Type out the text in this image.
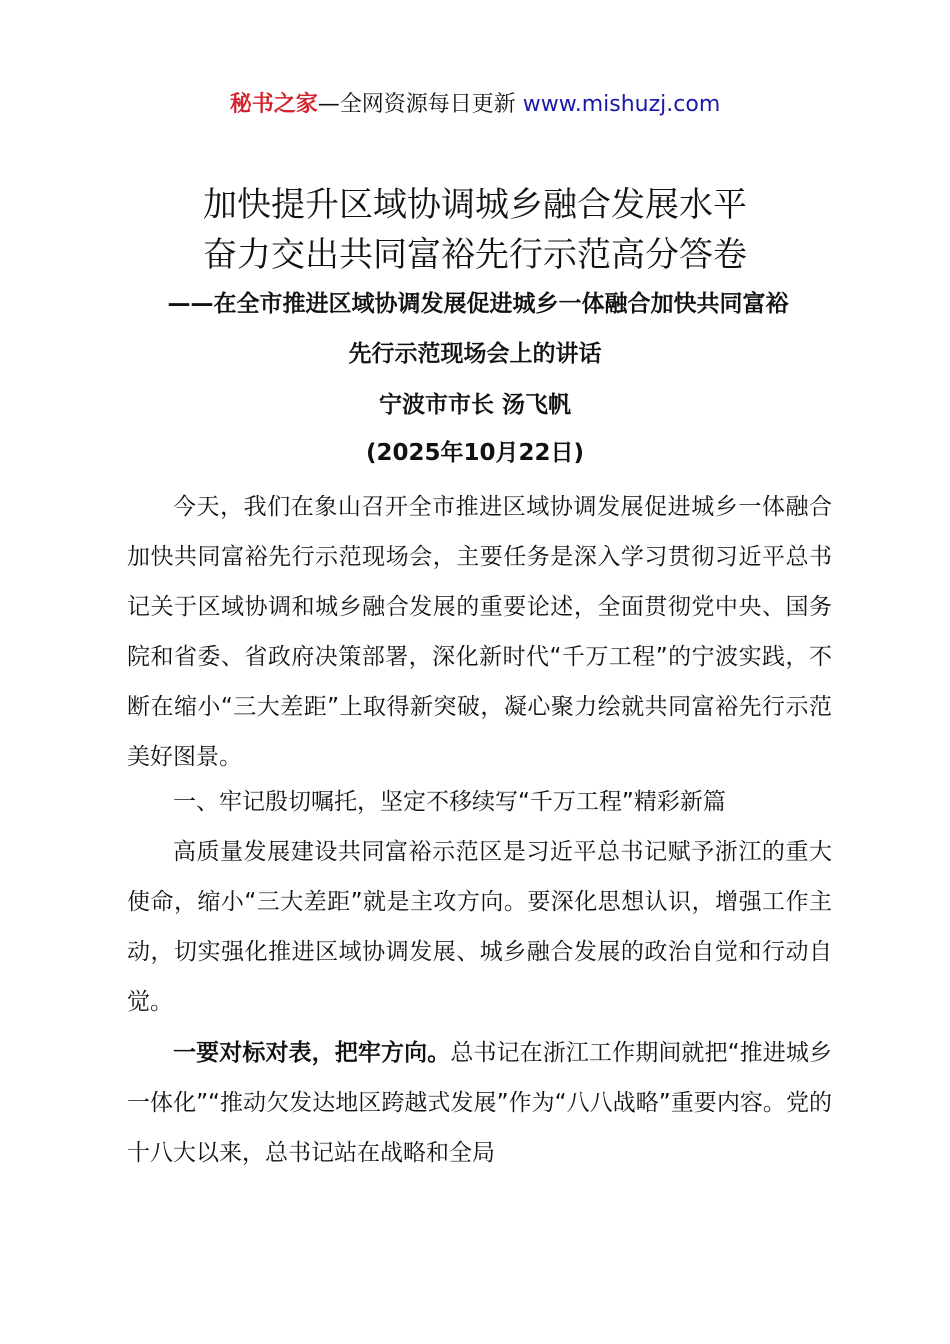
秘书之家—全网资源每日更新 www.mishuzj.com
加快提升区域协调城乡融合发展水平
奋力交出共同富裕先行示范高分答卷
——在全市推进区域协调发展促进城乡一体融合加快共同富裕
先行示范现场会上的讲话
宁波市市长 汤飞帆
(2025年10月22日)

今天，我们在象山召开全市推进区域协调发展促进城乡一体融合加快共同富裕先行示范现场会，主要任务是深入学习贯彻习近平总书记关于区域协调和城乡融合发展的重要论述，全面贯彻党中央、国务院和省委、省政府决策部署，深化新时代“千万工程”的宁波实践，不断在缩小“三大差距”上取得新突破，凝心聚力绘就共同富裕先行示范美好图景。

一、牢记殷切嘱托，坚定不移续写“千万工程”精彩新篇

高质量发展建设共同富裕示范区是习近平总书记赋予浙江的重大使命，缩小“三大差距”就是主攻方向。要深化思想认识，增强工作主动，切实强化推进区域协调发展、城乡融合发展的政治自觉和行动自觉。

一要对标对表，把牢方向。总书记在浙江工作期间就把“推进城乡一体化”“推动欠发达地区跨越式发展”作为“八八战略”重要内容。党的十八大以来，总书记站在战略和全局
